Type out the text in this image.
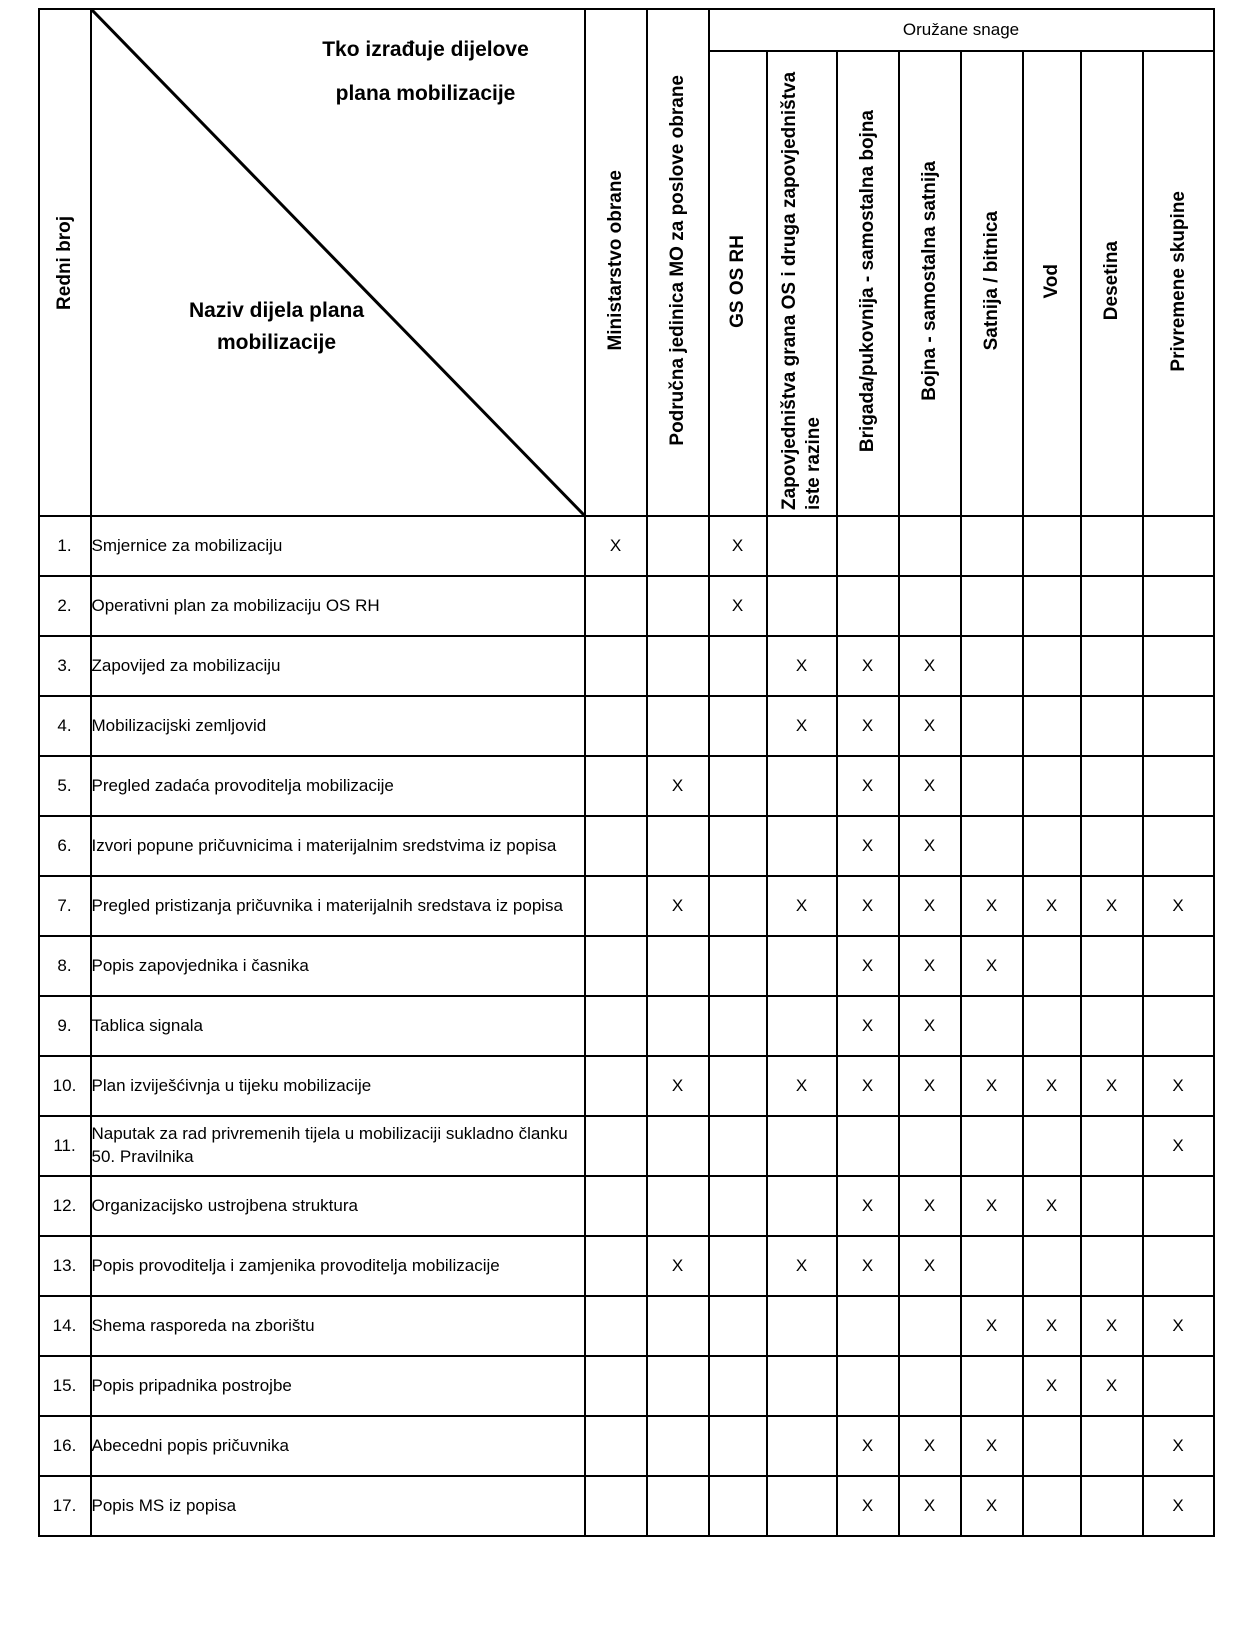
Redni broj	Tko izrađuje dijelove plana mobilizacije
Naziv dijela plana mobilizacije	Ministarstvo obrane	Područna jedinica MO za poslove obrane	Oružane snage							
				GS OS RH	Zapovjedništva grana OS i druga zapovjedništva iste razine	Brigada/pukovnija - samostalna bojna	Bojna - samostalna satnija	Satnija / bitnica	Vod	Desetina	Privremene skupine
1.	Smjernice za mobilizaciju	X		X							
2.	Operativni plan za mobilizaciju OS RH			X							
3.	Zapovijed za mobilizaciju				X	X	X				
4.	Mobilizacijski zemljovid				X	X	X				
5.	Pregled zadaća provoditelja mobilizacije		X			X	X				
6.	Izvori popune pričuvnicima i materijalnim sredstvima iz popisa					X	X				
7.	Pregled pristizanja pričuvnika i materijalnih sredstava iz popisa		X		X	X	X	X	X	X	X
8.	Popis zapovjednika i časnika					X	X	X			
9.	Tablica signala					X	X				
10.	Plan izviješćivnja u tijeku mobilizacije		X		X	X	X	X	X	X	X
11.	Naputak za rad privremenih tijela u mobilizaciji sukladno članku 50. Pravilnika										X
12.	Organizacijsko ustrojbena struktura					X	X	X	X		
13.	Popis provoditelja i zamjenika provoditelja mobilizacije		X		X	X	X				
14.	Shema rasporeda na zborištu							X	X	X	X
15.	Popis pripadnika postrojbe								X	X	
16.	Abecedni popis pričuvnika					X	X	X			X
17.	Popis MS iz popisa					X	X	X			X
